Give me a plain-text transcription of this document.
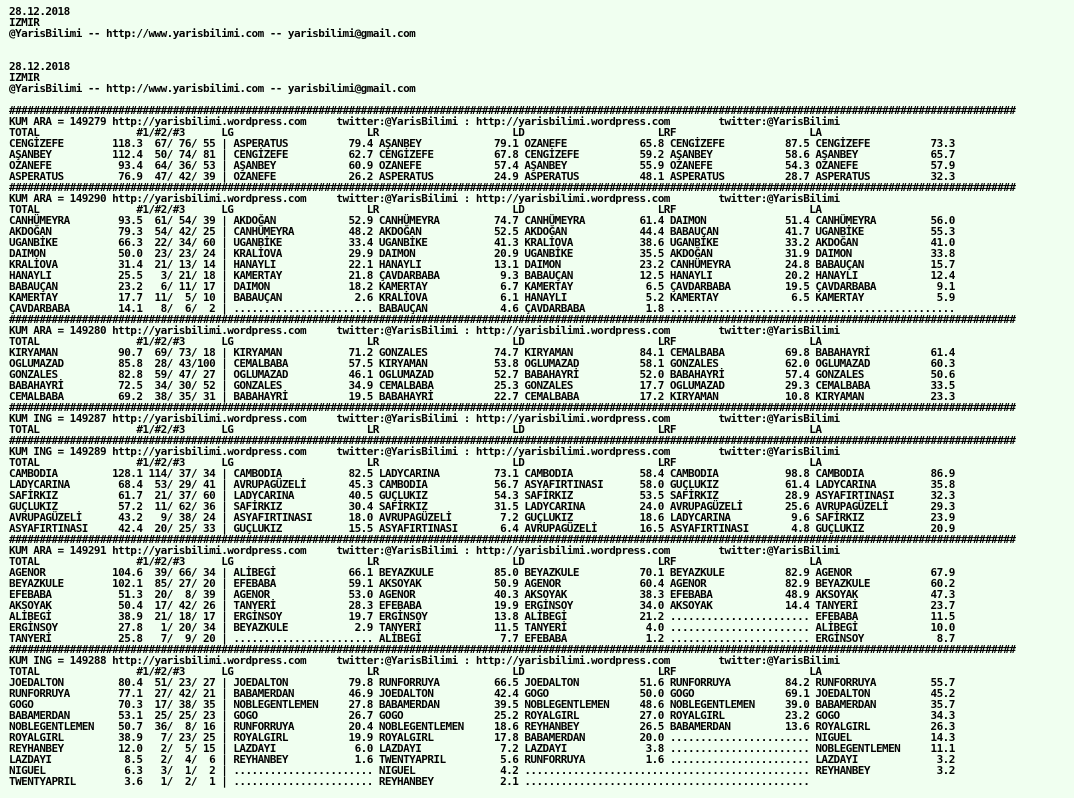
28.12.2018
IZMIR
@YarisBilimi -- http://www.yarisbilimi.com -- yarisbilimi@gmail.com
28.12.2018
IZMIR
@YarisBilimi -- http://www.yarisbilimi.com -- yarisbilimi@gmail.com
######################################################################################################################################################################
KUM ARA = 149279 http://yarisbilimi.wordpress.com     twitter:@YarisBilimi : http://yarisbilimi.wordpress.com        twitter:@YarisBilimi
TOTAL                #1/#2/#3      LG                      LR                      LD                      LRF                      LA
CENGİZEFE        118.3  67/ 76/ 55 | ASPERATUS          79.4 AŞANBEY            79.1 OZANEFE            65.8 CENGİZEFE          87.5 CENGİZEFE          73.3
AŞANBEY          112.4  50/ 74/ 81 | CENGİZEFE          62.7 CENGİZEFE          67.8 CENGİZEFE          59.2 AŞANBEY            58.6 AŞANBEY            65.7
OZANEFE           93.4  64/ 36/ 53 | AŞANBEY            60.9 OZANEFE            57.4 AŞANBEY            55.9 OZANEFE            54.3 OZANEFE            57.9
ASPERATUS         76.9  47/ 42/ 39 | OZANEFE            26.2 ASPERATUS          24.9 ASPERATUS          48.1 ASPERATUS          28.7 ASPERATUS          32.3
######################################################################################################################################################################
KUM ARA = 149290 http://yarisbilimi.wordpress.com     twitter:@YarisBilimi : http://yarisbilimi.wordpress.com        twitter:@YarisBilimi
TOTAL                #1/#2/#3      LG                      LR                      LD                      LRF                      LA
CANHÜMEYRA        93.5  61/ 54/ 39 | AKDOĞAN            52.9 CANHÜMEYRA         74.7 CANHÜMEYRA         61.4 DAIMON             51.4 CANHÜMEYRA         56.0
AKDOĞAN           79.3  54/ 42/ 25 | CANHÜMEYRA         48.2 AKDOĞAN            52.5 AKDOĞAN            44.4 BABAUÇAN           41.7 UGANBİKE           55.3
UGANBİKE          66.3  22/ 34/ 60 | UGANBİKE           33.4 UGANBİKE           41.3 KRALİOVA           38.6 UGANBİKE           33.2 AKDOĞAN            41.0
DAIMON            50.0  23/ 23/ 24 | KRALİOVA           29.9 DAIMON             20.9 UGANBİKE           35.5 AKDOĞAN            31.9 DAIMON             33.8
KRALİOVA          31.4  21/ 13/ 14 | HANAYLI            22.1 HANAYLI            13.1 DAIMON             23.2 CANHÜMEYRA         24.8 BABAUÇAN           15.7
HANAYLI           25.5   3/ 21/ 18 | KAMERTAY           21.8 ÇAVDARBABA          9.3 BABAUÇAN           12.5 HANAYLI            20.2 HANAYLI            12.4
BABAUÇAN          23.2   6/ 11/ 17 | DAIMON             18.2 KAMERTAY            6.7 KAMERTAY            6.5 ÇAVDARBABA         19.5 ÇAVDARBABA          9.1
KAMERTAY          17.7  11/  5/ 10 | BABAUÇAN            2.6 KRALİOVA            6.1 HANAYLI             5.2 KAMERTAY            6.5 KAMERTAY            5.9
ÇAVDARBABA        14.1   8/  6/  2 | ....................... BABAUÇAN            4.6 ÇAVDARBABA          1.8 ...............................................
######################################################################################################################################################################
KUM ARA = 149280 http://yarisbilimi.wordpress.com     twitter:@YarisBilimi : http://yarisbilimi.wordpress.com        twitter:@YarisBilimi
TOTAL                #1/#2/#3      LG                      LR                      LD                      LRF                      LA
KIRYAMAN          90.7  69/ 73/ 18 | KIRYAMAN           71.2 GONZALES           74.7 KIRYAMAN           84.1 CEMALBABA          69.8 BABAHAYRİ          61.4
OGLUMAZAD         85.8  28/ 43/100 | CEMALBABA          57.5 KIRYAMAN           53.8 OGLUMAZAD          58.1 GONZALES           62.0 OGLUMAZAD          60.3
GONZALES          82.8  59/ 47/ 27 | OGLUMAZAD          46.1 OGLUMAZAD          52.7 BABAHAYRİ          52.0 BABAHAYRİ          57.4 GONZALES           50.6
BABAHAYRİ         72.5  34/ 30/ 52 | GONZALES           34.9 CEMALBABA          25.3 GONZALES           17.7 OGLUMAZAD          29.3 CEMALBABA          33.5
CEMALBABA         69.2  38/ 35/ 31 | BABAHAYRİ          19.5 BABAHAYRİ          22.7 CEMALBABA          17.2 KIRYAMAN           10.8 KIRYAMAN           23.3
######################################################################################################################################################################
KUM ING = 149287 http://yarisbilimi.wordpress.com     twitter:@YarisBilimi : http://yarisbilimi.wordpress.com        twitter:@YarisBilimi
TOTAL                #1/#2/#3      LG                      LR                      LD                      LRF                      LA
######################################################################################################################################################################
KUM ING = 149289 http://yarisbilimi.wordpress.com     twitter:@YarisBilimi : http://yarisbilimi.wordpress.com        twitter:@YarisBilimi
TOTAL                #1/#2/#3      LG                      LR                      LD                      LRF                      LA
CAMBODIA         128.1 114/ 37/ 34 | CAMBODIA           82.5 LADYCARINA         73.1 CAMBODIA           58.4 CAMBODIA           98.8 CAMBODIA           86.9
LADYCARINA        68.4  53/ 29/ 41 | AVRUPAGÜZELİ       45.3 CAMBODIA           56.7 ASYAFIRTINASI      58.0 GUÇLUKIZ           61.4 LADYCARINA         35.8
SAFİRKIZ          61.7  21/ 37/ 60 | LADYCARINA         40.5 GUÇLUKIZ           54.3 SAFİRKIZ           53.5 SAFİRKIZ           28.9 ASYAFIRTINASI      32.3
GUÇLUKIZ          57.2  11/ 62/ 36 | SAFİRKIZ           30.4 SAFİRKIZ           31.5 LADYCARINA         24.0 AVRUPAGÜZELİ       25.6 AVRUPAGÜZELİ       29.3
AVRUPAGÜZELİ      43.2   9/ 38/ 24 | ASYAFIRTINASI      18.0 AVRUPAGÜZELİ        7.2 GUÇLUKIZ           18.6 LADYCARINA          9.6 SAFİRKIZ           23.9
ASYAFIRTINASI     42.4  20/ 25/ 33 | GUÇLUKIZ           15.5 ASYAFIRTINASI       6.4 AVRUPAGÜZELİ       16.5 ASYAFIRTINASI       4.8 GUÇLUKIZ           20.9
######################################################################################################################################################################
KUM ARA = 149291 http://yarisbilimi.wordpress.com     twitter:@YarisBilimi : http://yarisbilimi.wordpress.com        twitter:@YarisBilimi
TOTAL                #1/#2/#3      LG                      LR                      LD                      LRF                      LA
AGENOR           104.6  39/ 66/ 34 | ALİBEGİ            66.1 BEYAZKULE          85.0 BEYAZKULE          70.1 BEYAZKULE          82.9 AGENOR             67.9
BEYAZKULE        102.1  85/ 27/ 20 | EFEBABA            59.1 AKSOYAK            50.9 AGENOR             60.4 AGENOR             82.9 BEYAZKULE          60.2
EFEBABA           51.3  20/  8/ 39 | AGENOR             53.0 AGENOR             40.3 AKSOYAK            38.3 EFEBABA            48.9 AKSOYAK            47.3
AKSOYAK           50.4  17/ 42/ 26 | TANYERİ            28.3 EFEBABA            19.9 ERGİNSOY           34.0 AKSOYAK            14.4 TANYERİ            23.7
ALİBEGİ           38.9  21/ 18/ 17 | ERGİNSOY           19.7 ERGİNSOY           13.8 ALİBEGİ            21.2 ....................... EFEBABA            11.5
ERGİNSOY          27.8   1/ 20/ 34 | BEYAZKULE           2.9 TANYERİ            11.5 TANYERİ             4.0 ....................... ALİBEGİ            10.0
TANYERİ           25.8   7/  9/ 20 | ....................... ALİBEGİ             7.7 EFEBABA             1.2 ....................... ERGİNSOY            8.7
######################################################################################################################################################################
KUM ING = 149288 http://yarisbilimi.wordpress.com     twitter:@YarisBilimi : http://yarisbilimi.wordpress.com        twitter:@YarisBilimi
TOTAL                #1/#2/#3      LG                      LR                      LD                      LRF                      LA
JOEDALTON         80.4  51/ 23/ 27 | JOEDALTON          79.8 RUNFORRUYA         66.5 JOEDALTON          51.6 RUNFORRUYA         84.2 RUNFORRUYA         55.7
RUNFORRUYA        77.1  27/ 42/ 21 | BABAMERDAN         46.9 JOEDALTON          42.4 GOGO               50.0 GOGO               69.1 JOEDALTON          45.2
GOGO              70.3  17/ 38/ 35 | NOBLEGENTLEMEN     27.8 BABAMERDAN         39.5 NOBLEGENTLEMEN     48.6 NOBLEGENTLEMEN     39.0 BABAMERDAN         35.7
BABAMERDAN        53.1  25/ 25/ 23 | GOGO               26.7 GOGO               25.2 ROYALGIRL          27.0 ROYALGIRL          23.2 GOGO               34.3
NOBLEGENTLEMEN    50.7  36/  8/ 16 | RUNFORRUYA         20.4 NOBLEGENTLEMEN     18.6 REYHANBEY          26.5 BABAMERDAN         13.6 ROYALGIRL          26.3
ROYALGIRL         38.9   7/ 23/ 25 | ROYALGIRL          19.9 ROYALGIRL          17.8 BABAMERDAN         20.0 ....................... NIGUEL             14.3
REYHANBEY         12.0   2/  5/ 15 | LAZDAYI             6.0 LAZDAYI             7.2 LAZDAYI             3.8 ....................... NOBLEGENTLEMEN     11.1
LAZDAYI            8.5   2/  4/  6 | REYHANBEY           1.6 TWENTYAPRIL         5.6 RUNFORRUYA          1.6 ....................... LAZDAYI             3.2
NIGUEL             6.3   3/  1/  2 | ....................... NIGUEL              4.2 ............................................... REYHANBEY           3.2
TWENTYAPRIL        3.6   1/  2/  1 | ....................... REYHANBEY           2.1 ...............................................
